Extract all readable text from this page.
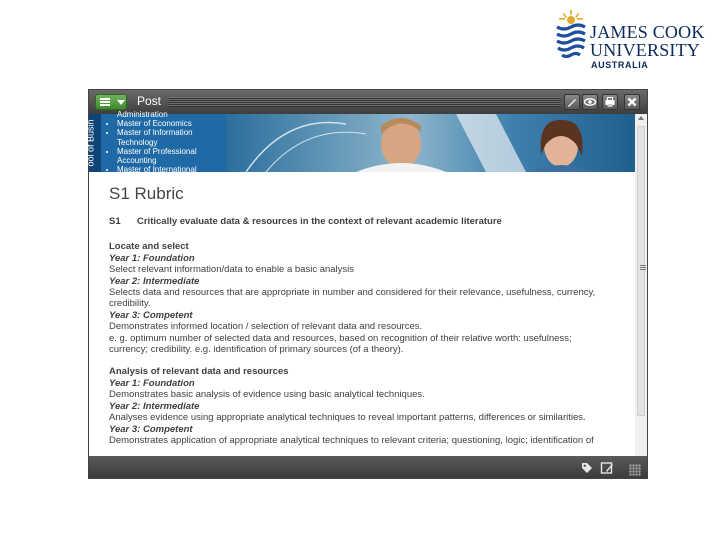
JAMES COOK
UNIVERSITY
AUSTRALIA
Post
ool of Busin
Administration
• Master of Economics
• Master of Information Technology
• Master of Professional Accounting
• Master of International
S1 Rubric
S1 Critically evaluate data & resources in the context of relevant academic literature
Locate and select
Year 1: Foundation
Select relevant information/data to enable a basic analysis
Year 2: Intermediate
Selects data and resources that are appropriate in number and considered for their relevance, usefulness, currency, credibility.
Year 3: Competent
Demonstrates informed location / selection of relevant data and resources.
e. g. optimum number of selected data and resources, based on recognition of their relative worth: usefulness; currency; credibility. e.g. identification of primary sources (of a theory).
Analysis of relevant data and resources
Year 1: Foundation
Demonstrates basic analysis of evidence using basic analytical techniques.
Year 2: Intermediate
Analyses evidence using appropriate analytical techniques to reveal important patterns, differences or similarities.
Year 3: Competent
Demonstrates application of appropriate analytical techniques to relevant criteria; questioning, logic; identification of
